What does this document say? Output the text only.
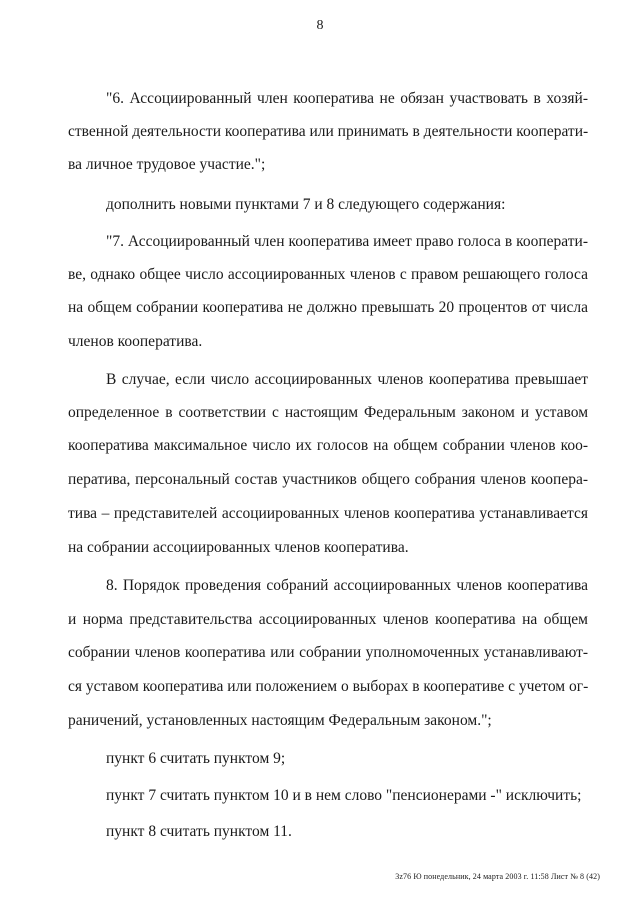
8
"6. Ассоциированный член кооператива не обязан участвовать в хозяй-
ственной деятельности кооператива или принимать в деятельности кооперати-
ва личное трудовое участие.";
дополнить новыми пунктами 7 и 8 следующего содержания:
"7. Ассоциированный член кооператива имеет право голоса в кооперати-
ве, однако общее число ассоциированных членов с правом решающего голоса
на общем собрании кооператива не должно превышать 20 процентов от числа
членов кооператива.
В случае, если число ассоциированных членов кооператива превышает
определенное в соответствии с настоящим Федеральным законом и уставом
кооператива максимальное число их голосов на общем собрании членов коо-
ператива, персональный состав участников общего собрания членов коопера-
тива – представителей ассоциированных членов кооператива устанавливается
на собрании ассоциированных членов кооператива.
8. Порядок проведения собраний ассоциированных членов кооператива
и норма представительства ассоциированных членов кооператива на общем
собрании членов кооператива или собрании уполномоченных устанавливают-
ся уставом кооператива или положением о выборах в кооперативе с учетом ог-
раничений, установленных настоящим Федеральным законом.";
пункт 6 считать пунктом 9;
пункт 7 считать пунктом 10 и в нем слово "пенсионерами -" исключить;
пункт 8 считать пунктом 11.
3z76 Ю понедельник, 24 марта 2003 г. 11:58 Лист № 8 (42)
